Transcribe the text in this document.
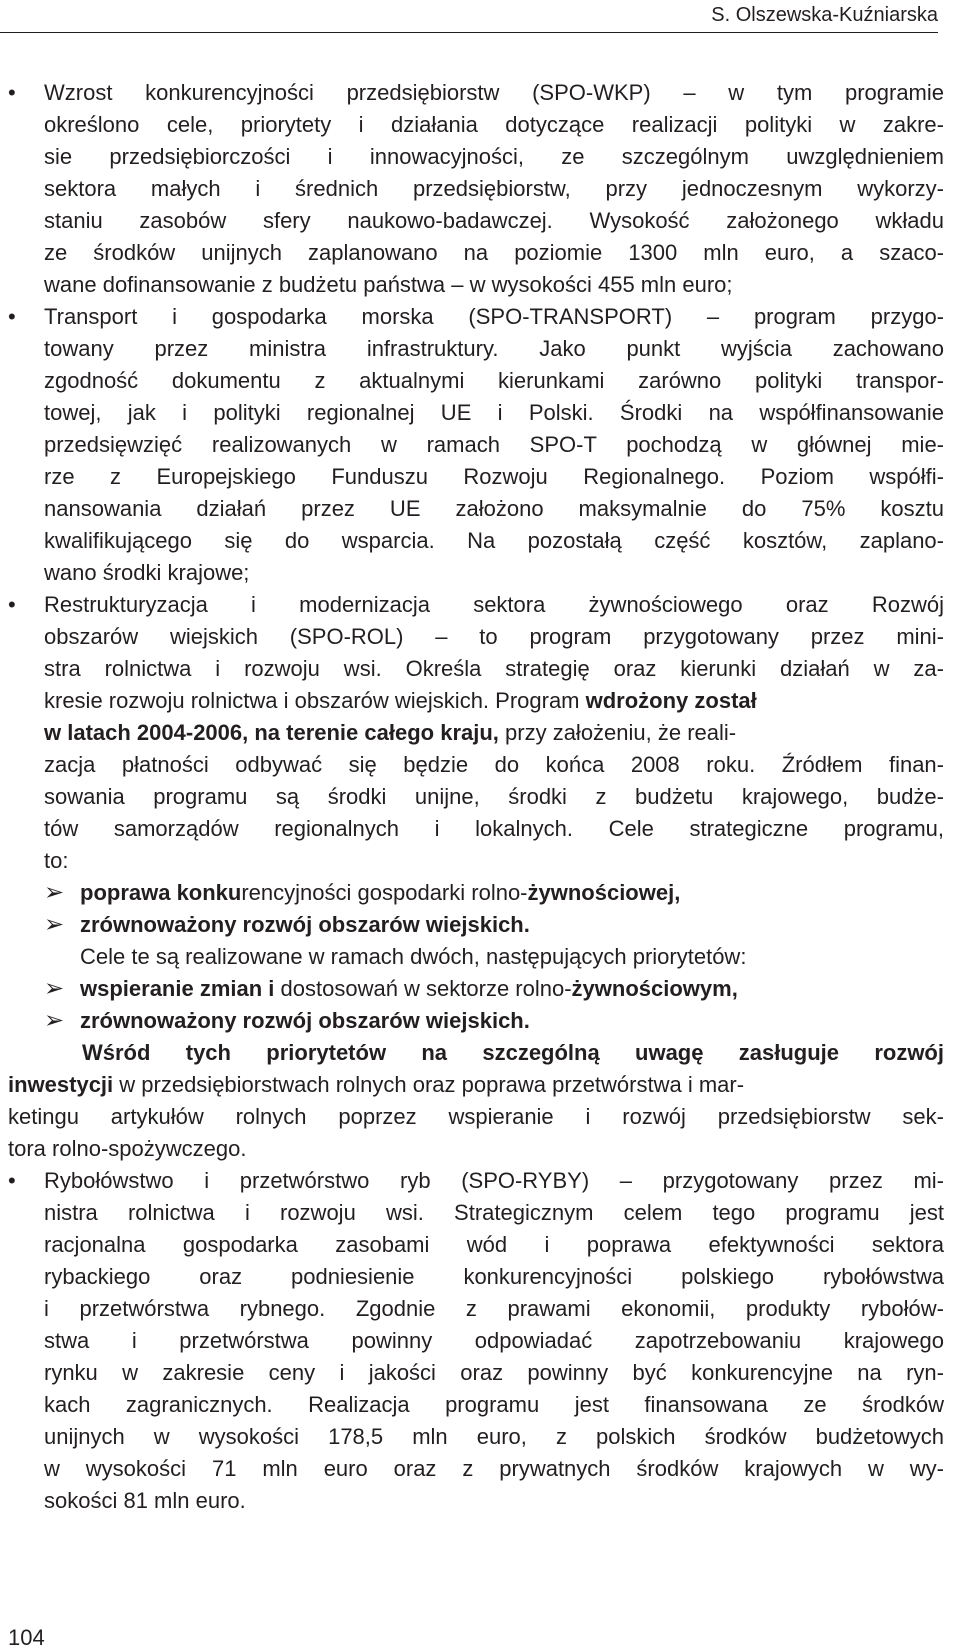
S. Olszewska-Kuźniarska
• Wzrost konkurencyjności przedsiębiorstw (SPO-WKP) – w tym programie
określono cele, priorytety i działania dotyczące realizacji polityki w zakre-
sie przedsiębiorczości i innowacyjności, ze szczególnym uwzględnieniem
sektora małych i średnich przedsiębiorstw, przy jednoczesnym wykorzy-
staniu zasobów sfery naukowo-badawczej. Wysokość założonego wkładu
ze środków unijnych zaplanowano na poziomie 1300 mln euro, a szaco-
wane dofinansowanie z budżetu państwa – w wysokości 455 mln euro;
• Transport i gospodarka morska (SPO-TRANSPORT) – program przygo-
towany przez ministra infrastruktury. Jako punkt wyjścia zachowano
zgodność dokumentu z aktualnymi kierunkami zarówno polityki transpor-
towej, jak i polityki regionalnej UE i Polski. Środki na współfinansowanie
przedsięwzięć realizowanych w ramach SPO-T pochodzą w głównej mie-
rze z Europejskiego Funduszu Rozwoju Regionalnego. Poziom współfi-
nansowania działań przez UE założono maksymalnie do 75% kosztu
kwalifikującego się do wsparcia. Na pozostałą część kosztów, zaplano-
wano środki krajowe;
• Restrukturyzacja i modernizacja sektora żywnościowego oraz Rozwój
obszarów wiejskich (SPO-ROL) – to program przygotowany przez mini-
stra rolnictwa i rozwoju wsi. Określa strategię oraz kierunki działań w za-
kresie rozwoju rolnictwa i obszarów wiejskich. Program wdrożony został
w latach 2004-2006, na terenie całego kraju, przy założeniu, że reali-
zacja płatności odbywać się będzie do końca 2008 roku. Źródłem finan-
sowania programu są środki unijne, środki z budżetu krajowego, budże-
tów samorządów regionalnych i lokalnych. Cele strategiczne programu,
to:
➢ poprawa konkurencyjności gospodarki rolno-żywnościowej,
➢ zrównoważony rozwój obszarów wiejskich.
Cele te są realizowane w ramach dwóch, następujących priorytetów:
➢ wspieranie zmian i dostosowań w sektorze rolno-żywnościowym,
➢ zrównoważony rozwój obszarów wiejskich.
Wśród tych priorytetów na szczególną uwagę zasługuje rozwój
inwestycji w przedsiębiorstwach rolnych oraz poprawa przetwórstwa i mar-
ketingu artykułów rolnych poprzez wspieranie i rozwój przedsiębiorstw sek-
tora rolno-spożywczego.
• Rybołówstwo i przetwórstwo ryb (SPO-RYBY) – przygotowany przez mi-
nistra rolnictwa i rozwoju wsi. Strategicznym celem tego programu jest
racjonalna gospodarka zasobami wód i poprawa efektywności sektora
rybackiego oraz podniesienie konkurencyjności polskiego rybołówstwa
i przetwórstwa rybnego. Zgodnie z prawami ekonomii, produkty rybołów-
stwa i przetwórstwa powinny odpowiadać zapotrzebowaniu krajowego
rynku w zakresie ceny i jakości oraz powinny być konkurencyjne na ryn-
kach zagranicznych. Realizacja programu jest finansowana ze środków
unijnych w wysokości 178,5 mln euro, z polskich środków budżetowych
w wysokości 71 mln euro oraz z prywatnych środków krajowych w wy-
sokości 81 mln euro.
104
